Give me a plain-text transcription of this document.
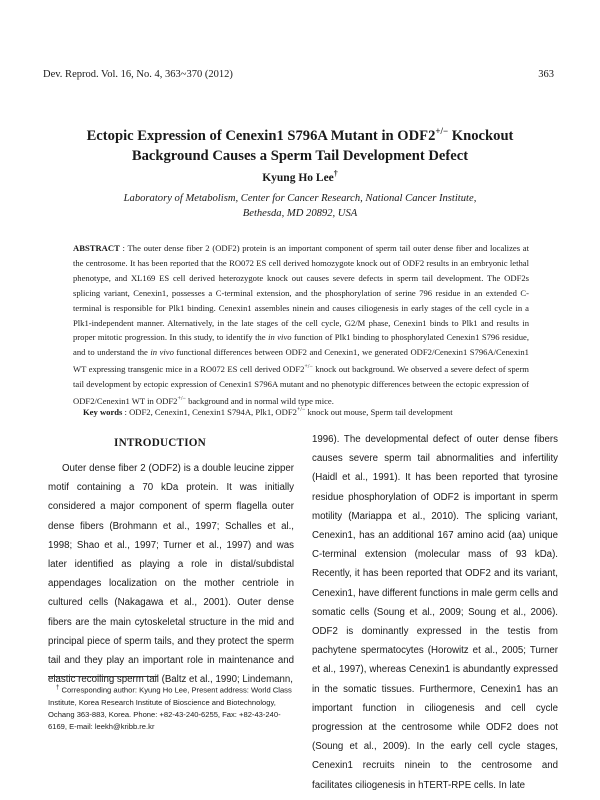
Dev. Reprod. Vol. 16, No. 4, 363~370 (2012)	363
Ectopic Expression of Cenexin1 S796A Mutant in ODF2+/− Knockout
Background Causes a Sperm Tail Development Defect
Kyung Ho Lee†
Laboratory of Metabolism, Center for Cancer Research, National Cancer Institute,
Bethesda, MD 20892, USA
ABSTRACT : The outer dense fiber 2 (ODF2) protein is an important component of sperm tail outer dense fiber and localizes at the centrosome. It has been reported that the RO072 ES cell derived homozygote knock out of ODF2 results in an embryonic lethal phenotype, and XL169 ES cell derived heterozygote knock out causes severe defects in sperm tail development. The ODF2s splicing variant, Cenexin1, possesses a C-terminal extension, and the phosphorylation of serine 796 residue in an extended C-terminal is responsible for Plk1 binding. Cenexin1 assembles ninein and causes ciliogenesis in early stages of the cell cycle in a Plk1-independent manner. Alternatively, in the late stages of the cell cycle, G2/M phase, Cenexin1 binds to Plk1 and results in proper mitotic progression. In this study, to identify the in vivo function of Plk1 binding to phosphorylated Cenexin1 S796 residue, and to understand the in vivo functional differences between ODF2 and Cenexin1, we generated ODF2/Cenexin1 S796A/Cenexin1 WT expressing transgenic mice in a RO072 ES cell derived ODF2+/− knock out background. We observed a severe defect of sperm tail development by ectopic expression of Cenexin1 S796A mutant and no phenotypic differences between the ectopic expression of ODF2/Cenexin1 WT in ODF2+/− background and in normal wild type mice.
Key words : ODF2, Cenexin1, Cenexin1 S794A, Plk1, ODF2+/− knock out mouse, Sperm tail development
INTRODUCTION
Outer dense fiber 2 (ODF2) is a double leucine zipper motif containing a 70 kDa protein. It was initially considered a major component of sperm flagella outer dense fibers (Brohmann et al., 1997; Schalles et al., 1998; Shao et al., 1997; Turner et al., 1997) and was later identified as playing a role in distal/subdistal appendages localization on the mother centriole in cultured cells (Nakagawa et al., 2001). Outer dense fibers are the main cytoskeletal structure in the mid and principal piece of sperm tails, and they protect the sperm tail and they play an important role in maintenance and elastic recoiling sperm tail (Baltz et al., 1990; Lindemann,
1996). The developmental defect of outer dense fibers causes severe sperm tail abnormalities and infertility (Haidl et al., 1991). It has been reported that tyrosine residue phosphorylation of ODF2 is important in sperm motility (Mariappa et al., 2010). The splicing variant, Cenexin1, has an additional 167 amino acid (aa) unique C-terminal extension (molecular mass of 93 kDa). Recently, it has been reported that ODF2 and its variant, Cenexin1, have different functions in male germ cells and somatic cells (Soung et al., 2009; Soung et al., 2006). ODF2 is dominantly expressed in the testis from pachytene spermatocytes (Horowitz et al., 2005; Turner et al., 1997), whereas Cenexin1 is abundantly expressed in the somatic tissues. Furthermore, Cenexin1 has an important function in ciliogenesis and cell cycle progression at the centrosome while ODF2 does not (Soung et al., 2009). In the early cell cycle stages, Cenexin1 recruits ninein to the centrosome and facilitates ciliogenesis in hTERT-RPE cells. In late
† Corresponding author: Kyung Ho Lee, Present address: World Class Institute, Korea Research Institute of Bioscience and Biotechnology, Ochang 363-883, Korea. Phone: +82-43-240-6255, Fax: +82-43-240-6169, E-mail: leekh@kribb.re.kr
